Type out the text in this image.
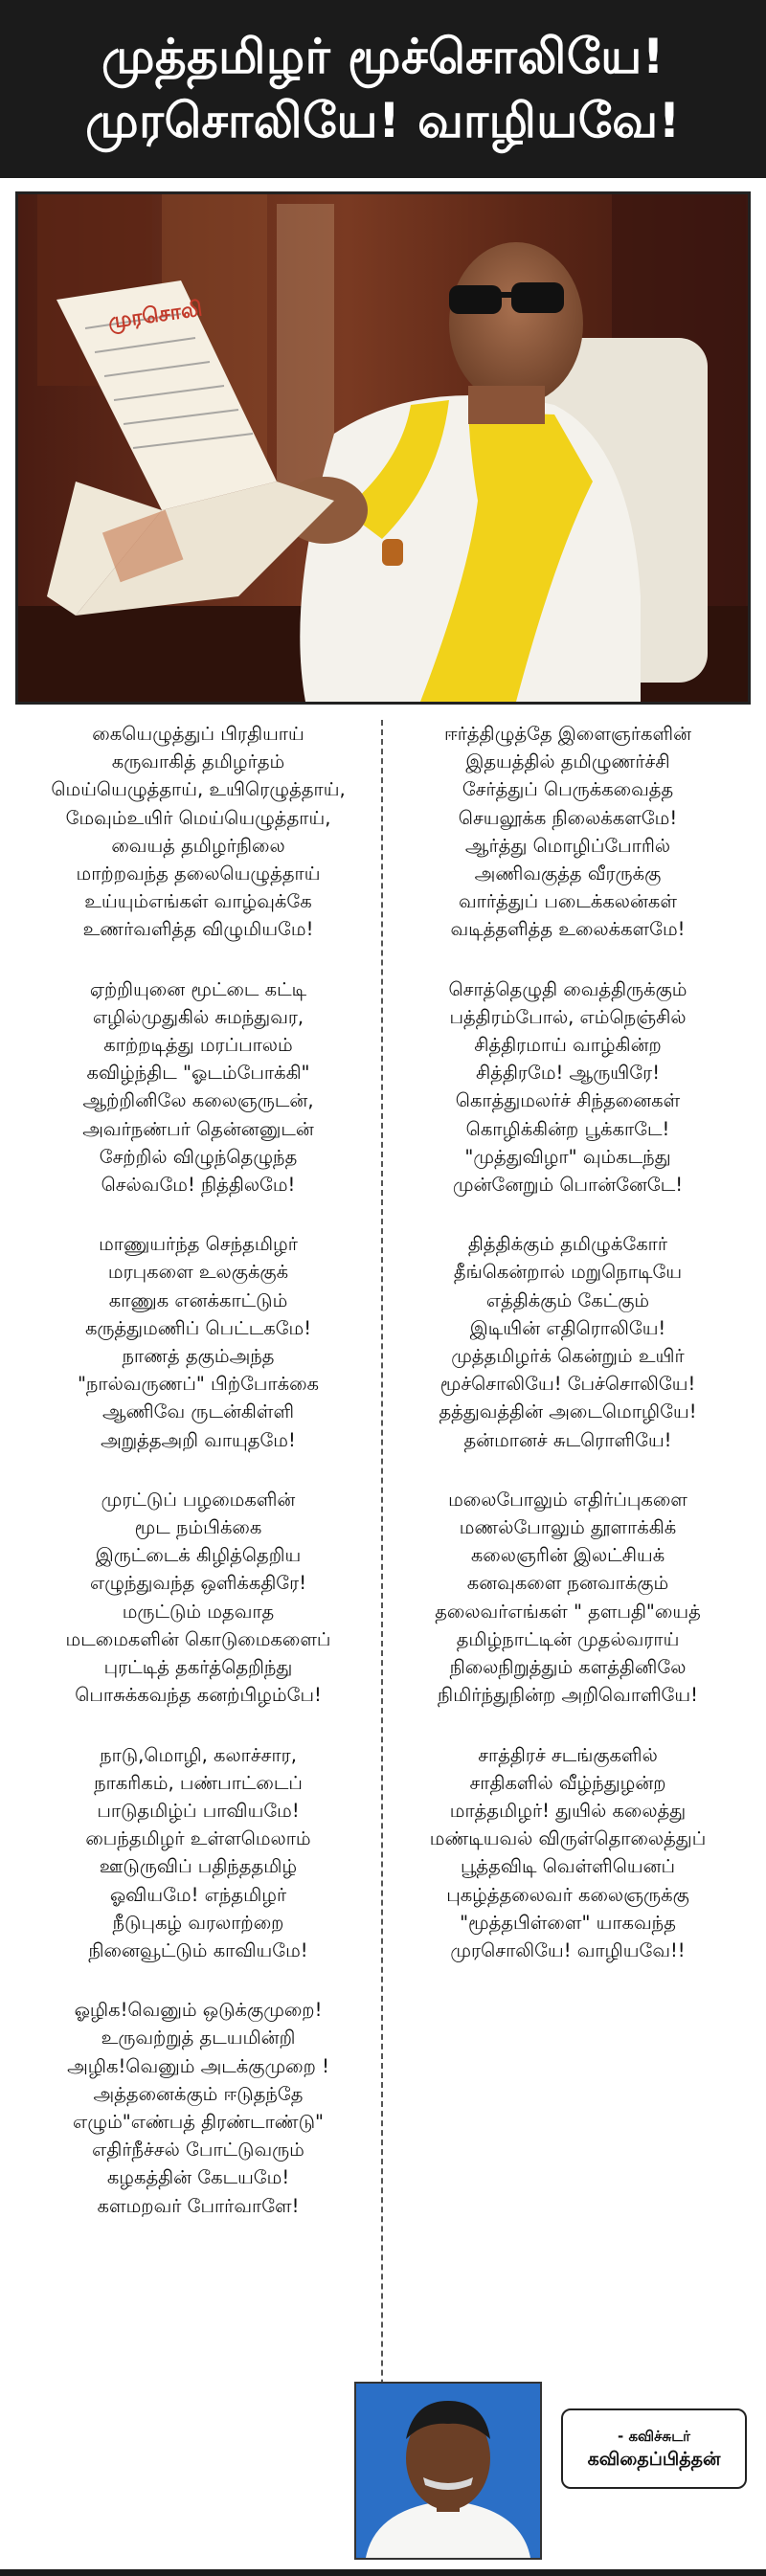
முத்தமிழர் மூச்சொலியே!
முரசொலியே! வாழியவே!
முரசொலி
கையெழுத்துப் பிரதியாய்
கருவாகித் தமிழர்தம்
மெய்யெழுத்தாய், உயிரெழுத்தாய்,
மேவும்உயிர் மெய்யெழுத்தாய்,
வையத் தமிழர்நிலை
மாற்றவந்த தலையெழுத்தாய்
உய்யும்எங்கள் வாழ்வுக்கே
உணர்வளித்த விழுமியமே!
ஏற்றியுனை மூட்டை கட்டி
எழில்முதுகில் சுமந்துவர,
காற்றடித்து மரப்பாலம்
கவிழ்ந்திட "ஓடம்போக்கி"
ஆற்றினிலே கலைஞருடன்,
அவர்நண்பர் தென்னனுடன்
சேற்றில் விழுந்தெழுந்த
செல்வமே! நித்திலமே!
மாணுயர்ந்த செந்தமிழர்
மரபுகளை உலகுக்குக்
காணுக எனக்காட்டும்
கருத்துமணிப் பெட்டகமே!
நாணத் தகும்அந்த
"நால்வருணப்" பிற்போக்கை
ஆணிவே ருடன்கிள்ளி
அறுத்தஅறி வாயுதமே!
முரட்டுப் பழமைகளின்
மூட நம்பிக்கை
இருட்டைக் கிழித்தெறிய
எழுந்துவந்த ஒளிக்கதிரே!
மருட்டும் மதவாத
மடமைகளின் கொடுமைகளைப்
புரட்டித் தகர்த்தெறிந்து
பொசுக்கவந்த கனற்பிழம்பே!
நாடு,மொழி, கலாச்சார,
நாகரிகம், பண்பாட்டைப்
பாடுதமிழ்ப் பாவியமே!
பைந்தமிழர் உள்ளமெலாம்
ஊடுருவிப் பதிந்ததமிழ்
ஓவியமே! எந்தமிழர்
நீடுபுகழ் வரலாற்றை
நினைவூட்டும் காவியமே!
ஓழிக!வெனும் ஒடுக்குமுறை!
உருவற்றுத் தடயமின்றி
அழிக!வெனும் அடக்குமுறை !
அத்தனைக்கும் ஈடுதந்தே
எழும்"எண்பத் திரண்டாண்டு"
எதிர்நீச்சல் போட்டுவரும்
கழகத்தின் கேடயமே!
களமறவர் போர்வாளே!
ஈர்த்திழுத்தே இளைஞர்களின்
இதயத்தில் தமிழுணர்ச்சி
சேர்த்துப் பெருக்கவைத்த
செயலூக்க நிலைக்களமே!
ஆர்த்து மொழிப்போரில்
அணிவகுத்த வீரருக்கு
வார்த்துப் படைக்கலன்கள்
வடித்தளித்த உலைக்களமே!
சொத்தெழுதி வைத்திருக்கும்
பத்திரம்போல், எம்நெஞ்சில்
சித்திரமாய் வாழ்கின்ற
சித்திரமே! ஆருயிரே!
கொத்துமலர்ச் சிந்தனைகள்
கொழிக்கின்ற பூக்காடே!
"முத்துவிழா" வும்கடந்து
முன்னேறும் பொன்னேடே!
தித்திக்கும் தமிழுக்கோர்
தீங்கென்றால் மறுநொடியே
எத்திக்கும் கேட்கும்
இடியின் எதிரொலியே!
முத்தமிழர்க் கென்றும் உயிர்
மூச்சொலியே! பேச்சொலியே!
தத்துவத்தின் அடைமொழியே!
தன்மானச் சுடரொளியே!
மலைபோலும் எதிர்ப்புகளை
மணல்போலும் தூளாக்கிக்
கலைஞரின் இலட்சியக்
கனவுகளை நனவாக்கும்
தலைவர்எங்கள் " தளபதி"யைத்
தமிழ்நாட்டின் முதல்வராய்
நிலைநிறுத்தும் களத்தினிலே
நிமிர்ந்துநின்ற அறிவொளியே!
சாத்திரச் சடங்குகளில்
சாதிகளில் வீழ்ந்துழன்ற
மாத்தமிழர்! துயில் கலைத்து
மண்டியவல் விருள்தொலைத்துப்
பூத்தவிடி வெள்ளியெனப்
புகழ்த்தலைவர் கலைஞருக்கு
"மூத்தபிள்ளை" யாகவந்த
முரசொலியே! வாழியவே!!
- கவிச்சுடர்
கவிதைப்பித்தன்
